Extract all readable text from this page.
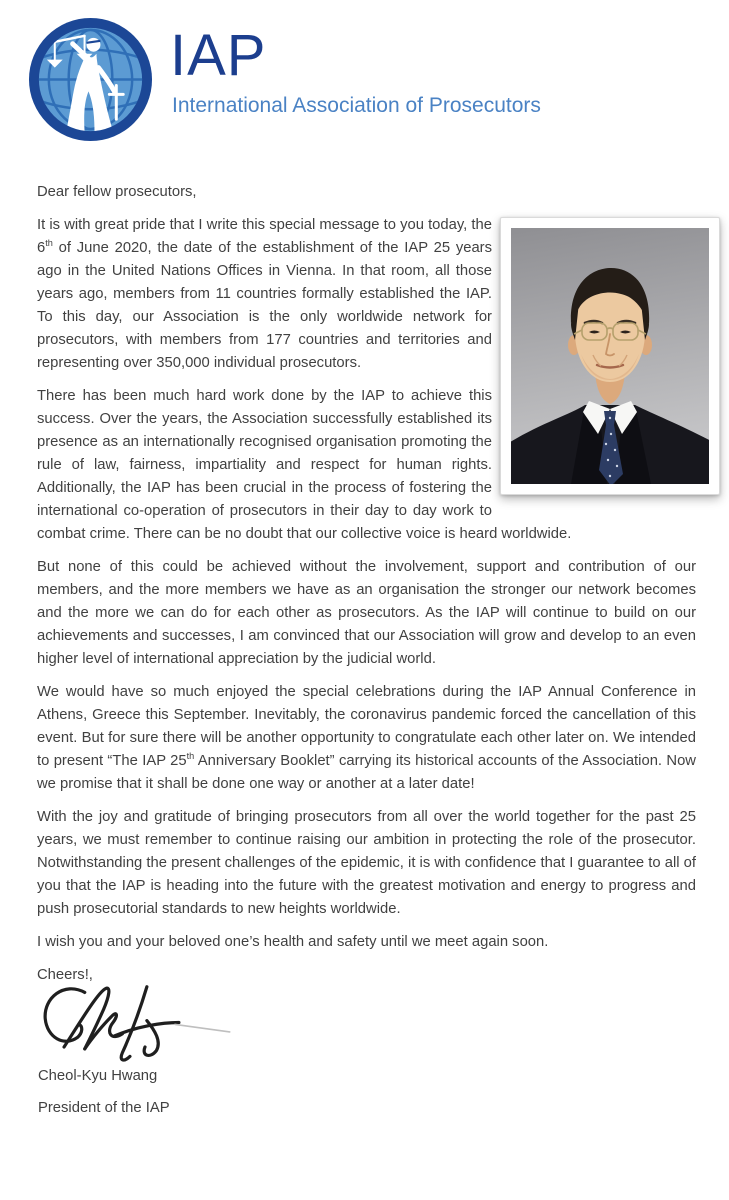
IAP

International Association of Prosecutors

Dear fellow prosecutors,

It is with great pride that I write this special message to you today, the 6th of June 2020, the date of the establishment of the IAP 25 years ago in the United Nations Offices in Vienna. In that room, all those years ago, members from 11 countries formally established the IAP. To this day, our Association is the only worldwide network for prosecutors, with members from 177 countries and territories and representing over 350,000 individual prosecutors.

There has been much hard work done by the IAP to achieve this success. Over the years, the Association successfully established its presence as an internationally recognised organisation promoting the rule of law, fairness, impartiality and respect for human rights. Additionally, the IAP has been crucial in the process of fostering the international co-operation of prosecutors in their day to day work to combat crime. There can be no doubt that our collective voice is heard worldwide.

But none of this could be achieved without the involvement, support and contribution of our members, and the more members we have as an organisation the stronger our network becomes and the more we can do for each other as prosecutors. As the IAP will continue to build on our achievements and successes, I am convinced that our Association will grow and develop to an even higher level of international appreciation by the judicial world.

We would have so much enjoyed the special celebrations during the IAP Annual Conference in Athens, Greece this September. Inevitably, the coronavirus pandemic forced the cancellation of this event. But for sure there will be another opportunity to congratulate each other later on. We intended to present “The IAP 25th Anniversary Booklet” carrying its historical accounts of the Association. Now we promise that it shall be done one way or another at a later date!

With the joy and gratitude of bringing prosecutors from all over the world together for the past 25 years, we must remember to continue raising our ambition in protecting the role of the prosecutor. Notwithstanding the present challenges of the epidemic, it is with confidence that I guarantee to all of you that the IAP is heading into the future with the greatest motivation and energy to progress and push prosecutorial standards to new heights worldwide.

I wish you and your beloved one’s health and safety until we meet again soon.

Cheers!,

Cheol-Kyu Hwang

President of the IAP
